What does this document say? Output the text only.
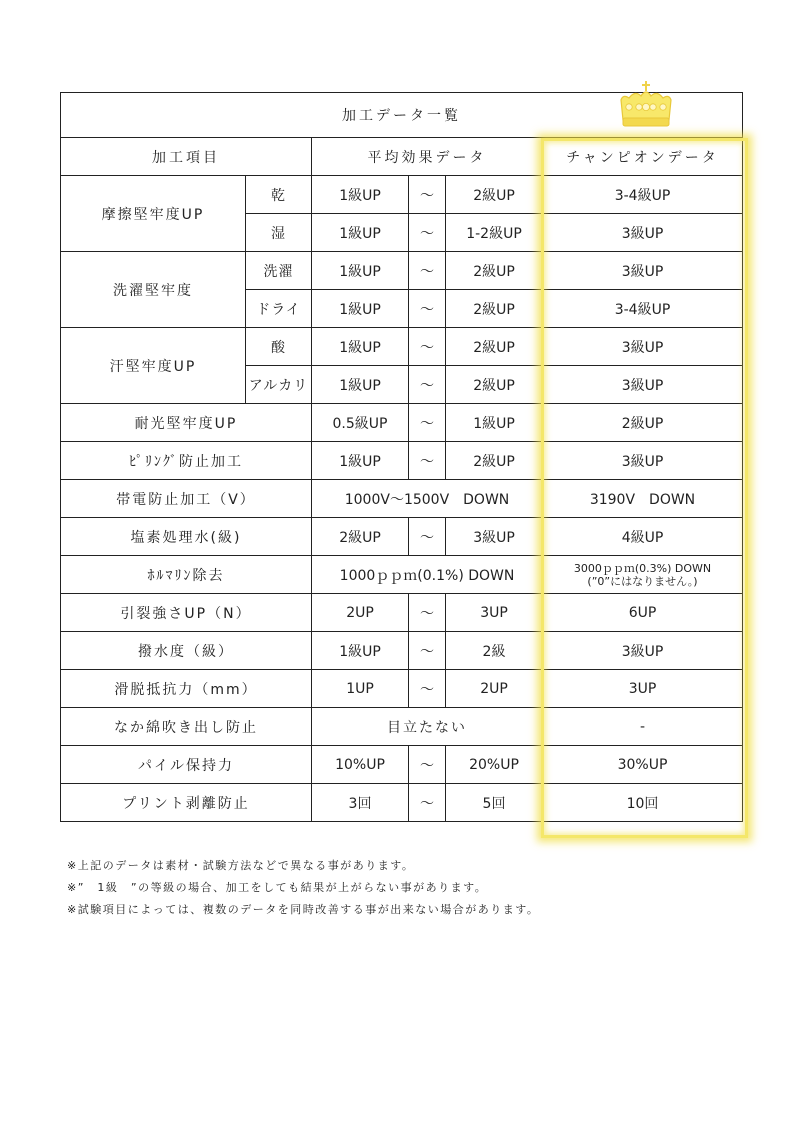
加工データ一覧					
加工項目		平均効果データ			チャンピオンデータ
摩擦堅牢度UP	乾	1級UP	〜	2級UP	3-4級UP
	湿	1級UP	〜	1-2級UP	3級UP
洗濯堅牢度	洗濯	1級UP	〜	2級UP	3級UP
	ドライ	1級UP	〜	2級UP	3-4級UP
汗堅牢度UP	酸	1級UP	〜	2級UP	3級UP
	アルカリ	1級UP	〜	2級UP	3級UP
耐光堅牢度UP		0.5級UP	〜	1級UP	2級UP
ﾋﾟﾘﾝｸﾞ防止加工		1級UP	〜	2級UP	3級UP
帯電防止加工（V）		1000V〜1500V　DOWN			3190V　DOWN
塩素処理水(級)		2級UP	〜	3級UP	4級UP
ﾎﾙﾏﾘﾝ除去		1000ｐｐｍ(0.1%) DOWN			3000ｐｐｍ(0.3%) DOWN
(”0”にはなりません。)

引裂強さUP（N）		2UP	〜	3UP	6UP
撥水度（級）		1級UP	〜	2級	3級UP
滑脱抵抗力（mm）		1UP	〜	2UP	3UP
なか綿吹き出し防止		目立たない			-
パイル保持力		10%UP	〜	20%UP	30%UP
プリント剥離防止		3回	〜	5回	10回
※上記のデータは素材・試験方法などで異なる事があります。
※”　1級　”の等級の場合、加工をしても結果が上がらない事があります。
※試験項目によっては、複数のデータを同時改善する事が出来ない場合があります。
